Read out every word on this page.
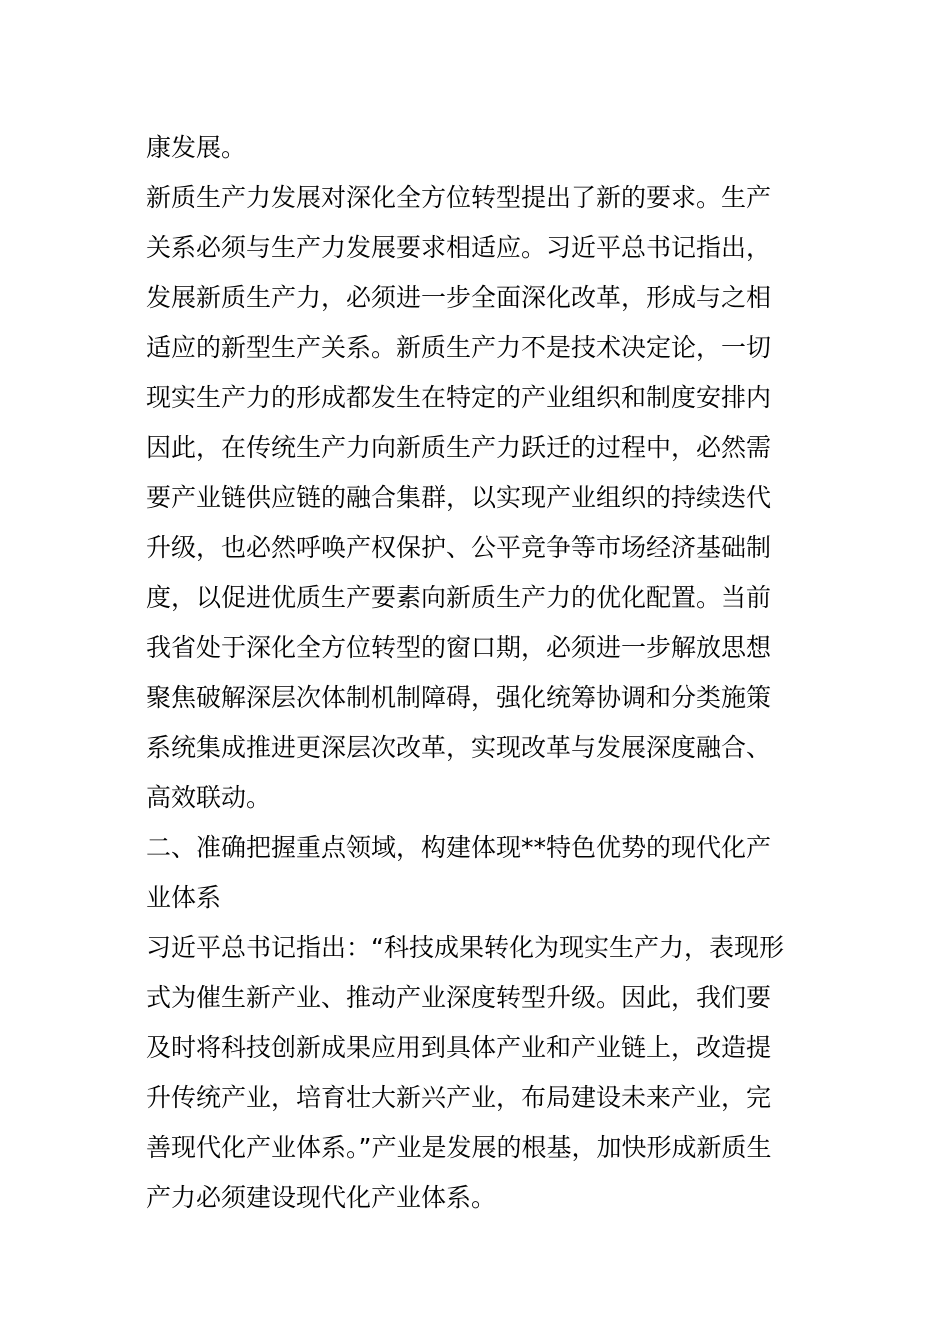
康发展。
新质生产力发展对深化全方位转型提出了新的要求。生产
关系必须与生产力发展要求相适应。习近平总书记指出，
发展新质生产力，必须进一步全面深化改革，形成与之相
适应的新型生产关系。新质生产力不是技术决定论，一切
现实生产力的形成都发生在特定的产业组织和制度安排内
因此，在传统生产力向新质生产力跃迁的过程中，必然需
要产业链供应链的融合集群，以实现产业组织的持续迭代
升级，也必然呼唤产权保护、公平竞争等市场经济基础制
度，以促进优质生产要素向新质生产力的优化配置。当前
我省处于深化全方位转型的窗口期，必须进一步解放思想
聚焦破解深层次体制机制障碍，强化统筹协调和分类施策
系统集成推进更深层次改革，实现改革与发展深度融合、
高效联动。
二、准确把握重点领域，构建体现**特色优势的现代化产
业体系
习近平总书记指出：“科技成果转化为现实生产力，表现形
式为催生新产业、推动产业深度转型升级。因此，我们要
及时将科技创新成果应用到具体产业和产业链上，改造提
升传统产业，培育壮大新兴产业，布局建设未来产业，完
善现代化产业体系。”产业是发展的根基，加快形成新质生
产力必须建设现代化产业体系。
